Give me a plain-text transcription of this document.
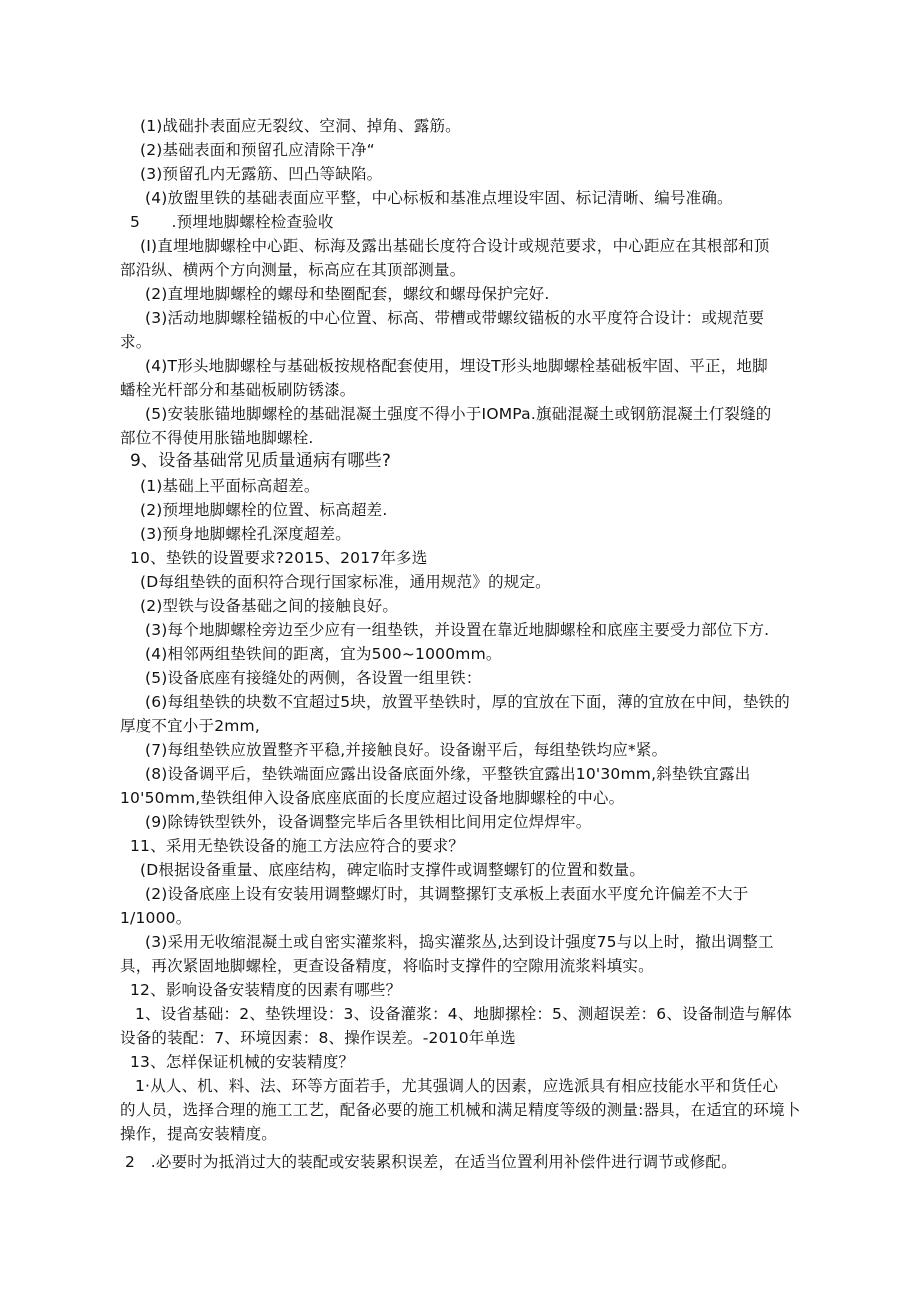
(1)战础扑表面应无裂纹、空洞、掉角、露筋。
(2)基础表面和预留孔应清除干净“
(3)预留孔内无露筋、凹凸等缺陷。
(4)放盥里铁的基础表面应平整，中心标板和基准点埋设牢固、标记清晰、编号准确。
5　　.预埋地脚螺栓检查验收
(I)直埋地脚螺栓中心距、标海及露出基础长度符合设计或规范要求，中心距应在其根部和顶
部沿纵、横两个方向测量，标高应在其顶部测量。
(2)直埋地脚螺栓的螺母和垫圈配套，螺纹和螺母保护完好.
(3)活动地脚螺栓锚板的中心位置、标高、带槽或带螺纹锚板的水平度符合设计：或规范要
求。
(4)T形头地脚螺栓与基础板按规格配套使用，埋设T形头地脚螺栓基础板牢固、平正，地脚
蟠栓光杆部分和基础板刷防锈漆。
(5)安装胀锚地脚螺栓的基础混凝土强度不得小于IOMPa.旗础混凝土或钢筋混凝土仃裂缝的
部位不得使用胀锚地脚螺栓.
9、设备基础常见质量通病有哪些?
(1)基础上平面标高超差。
(2)预埋地脚螺栓的位置、标高超差.
(3)预身地脚螺栓孔深度超差。
10、垫铁的设置要求?2015、2017年多选
(D每组垫铁的面积符合现行国家标准，通用规范》的规定。
(2)型铁与设备基础之间的接触良好。
(3)每个地脚螺栓旁边至少应有一组垫铁，并设置在靠近地脚螺栓和底座主要受力部位下方.
(4)相邻两组垫铁间的距离，宜为500~1000mm。
(5)设备底座有接缝处的两侧，各设置一组里铁：
(6)每组垫铁的块数不宜超过5块，放置平垫铁时，厚的宜放在下面，薄的宜放在中间，垫铁的
厚度不宜小于2mm,
(7)每组垫铁应放置整齐平稳,并接触良好。设备谢平后，每组垫铁均应*紧。
(8)设备调平后，垫铁端面应露出设备底面外缘，平整铁宜露出10'30mm,斜垫铁宜露出
10'50mm,垫铁组伸入设备底座底面的长度应超过设备地脚螺栓的中心。
(9)除铸铁型铁外，设备调整完毕后各里铁相比间用定位焊焊牢。
11、采用无垫铁设备的施工方法应符合的要求？
(D根据设备重量、底座结构，碑定临时支撑件或调整螺钉的位置和数量。
(2)设备底座上设有安装用调整螺灯时，其调整摞钉支承板上表面水平度允许偏差不大于
1/1000。
(3)采用无收缩混凝土或自密实灌浆料，捣实灌浆丛,达到设计强度75与以上时，撤出调整工
具，再次紧固地脚螺栓，更查设备精度，将临时支撑件的空隙用流浆料填实。
12、影响设备安装精度的因素有哪些？
1、设省基础：2、垫铁埋设：3、设备灌浆：4、地脚摞栓：5、测超误差：6、设备制造与解体
设备的装配：7、环境因素：8、操作误差。-2010年单选
13、怎样保证机械的安装精度？
1·从人、机、料、法、环等方面若手，尤其强调人的因素，应选派具有相应技能水平和货任心
的人员，选择合理的施工工艺，配备必要的施工机械和满足精度等级的测量:器具，在适宜的环境卜
操作，提高安装精度。
2　.必要时为抵消过大的装配或安装累积误差，在适当位置利用补偿件进行调节或修配。
